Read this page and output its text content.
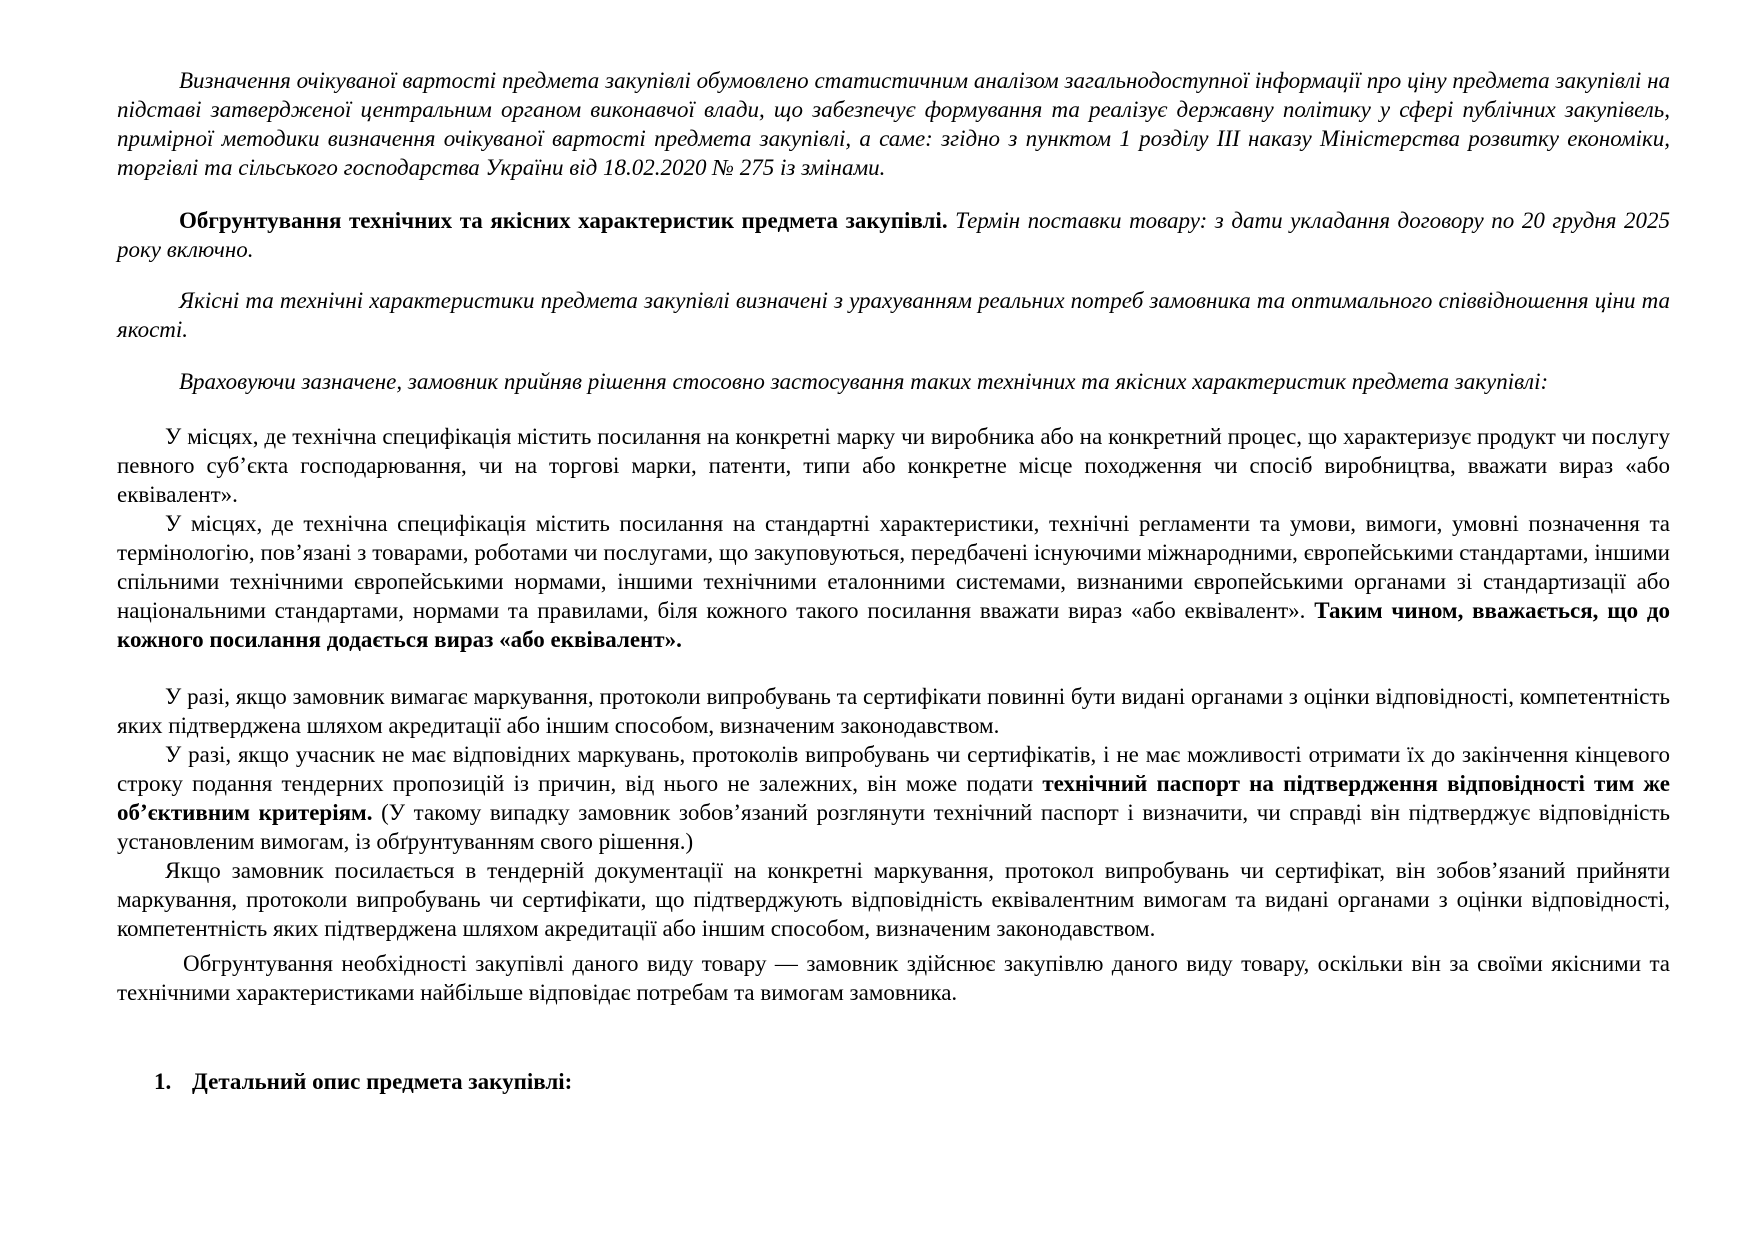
Визначення очікуваної вартості предмета закупівлі обумовлено статистичним аналізом загальнодоступної інформації про ціну предмета закупівлі на підставі затвердженої центральним органом виконавчої влади, що забезпечує формування та реалізує державну політику у сфері публічних закупівель, примірної методики визначення очікуваної вартості предмета закупівлі, а саме: згідно з пунктом 1 розділу ІІІ наказу Міністерства розвитку економіки, торгівлі та сільського господарства України від 18.02.2020 № 275 із змінами.

Обгрунтування технічних та якісних характеристик предмета закупівлі. Термін поставки товару: з дати укладання договору по 20 грудня 2025 року включно.

Якісні та технічні характеристики предмета закупівлі визначені з урахуванням реальних потреб замовника та оптимального співвідношення ціни та якості.

Враховуючи зазначене, замовник прийняв рішення стосовно застосування таких технічних та якісних характеристик предмета закупівлі:

У місцях, де технічна специфікація містить посилання на конкретні марку чи виробника або на конкретний процес, що характеризує продукт чи послугу певного суб’єкта господарювання, чи на торгові марки, патенти, типи або конкретне місце походження чи спосіб виробництва, вважати вираз «або еквівалент».

У місцях, де технічна специфікація містить посилання на стандартні характеристики, технічні регламенти та умови, вимоги, умовні позначення та термінологію, пов’язані з товарами, роботами чи послугами, що закуповуються, передбачені існуючими міжнародними, європейськими стандартами, іншими спільними технічними європейськими нормами, іншими технічними еталонними системами, визнаними європейськими органами зі стандартизації або національними стандартами, нормами та правилами, біля кожного такого посилання вважати вираз «або еквівалент». Таким чином, вважається, що до кожного посилання додається вираз «або еквівалент».

У разі, якщо замовник вимагає маркування, протоколи випробувань та сертифікати повинні бути видані органами з оцінки відповідності, компетентність яких підтверджена шляхом акредитації або іншим способом, визначеним законодавством.

У разі, якщо учасник не має відповідних маркувань, протоколів випробувань чи сертифікатів, і не має можливості отримати їх до закінчення кінцевого строку подання тендерних пропозицій із причин, від нього не залежних, він може подати технічний паспорт на підтвердження відповідності тим же об’єктивним критеріям. (У такому випадку замовник зобов’язаний розглянути технічний паспорт і визначити, чи справді він підтверджує відповідність установленим вимогам, із обґрунтуванням свого рішення.)

Якщо замовник посилається в тендерній документації на конкретні маркування, протокол випробувань чи сертифікат, він зобов’язаний прийняти маркування, протоколи випробувань чи сертифікати, що підтверджують відповідність еквівалентним вимогам та видані органами з оцінки відповідності, компетентність яких підтверджена шляхом акредитації або іншим способом, визначеним законодавством.

Обгрунтування необхідності закупівлі даного виду товару — замовник здійснює закупівлю даного виду товару, оскільки він за своїми якісними та технічними характеристиками найбільше відповідає потребам та вимогам замовника.

1. Детальний опис предмета закупівлі:
